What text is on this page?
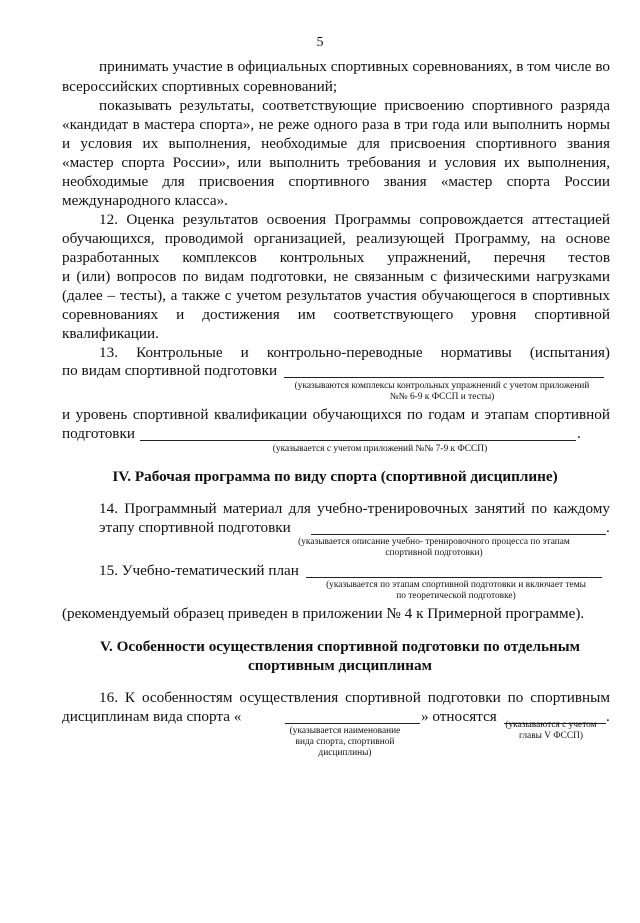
5

принимать участие в официальных спортивных соревнованиях, в том числе во

всероссийских спортивных соревнований;

показывать результаты, соответствующие присвоению спортивного разряда

«кандидат в мастера спорта», не реже одного раза в три года или выполнить нормы

и условия их выполнения, необходимые для присвоения спортивного звания

«мастер спорта России», или выполнить требования и условия их выполнения,

необходимые для присвоения спортивного звания «мастер спорта России

международного класса».

12. Оценка результатов освоения Программы сопровождается аттестацией

обучающихся, проводимой организацией, реализующей Программу, на основе

разработанных комплексов контрольных упражнений, перечня тестов

и (или) вопросов по видам подготовки, не связанным с физическими нагрузками

(далее – тесты), а также с учетом результатов участия обучающегося в спортивных

соревнованиях и достижения им соответствующего уровня спортивной

квалификации.

13. Контрольные и контрольно-переводные нормативы (испытания)

по видам спортивной подготовки

(указываются комплексы контрольных упражнений с учетом приложений

№№ 6-9 к ФССП и тесты)

и уровень спортивной квалификации обучающихся по годам и этапам спортивной

подготовки	.

(указывается с учетом приложений №№ 7-9 к ФССП)

IV. Рабочая программа по виду спорта (спортивной дисциплине)

14. Программный материал для учебно-тренировочных занятий по каждому

этапу спортивной подготовки	.

(указывается описание учебно- тренировочного процесса по этапам

спортивной подготовки)

15. Учебно-тематический план

(указывается по этапам спортивной подготовки и включает темы

по теоретической подготовке)

(рекомендуемый образец приведен в приложении № 4 к Примерной программе).

V. Особенности осуществления спортивной подготовки по отдельным

спортивным дисциплинам

16. К особенностям осуществления спортивной подготовки по спортивным

дисциплинам вида спорта «	» относятся	.

(указывается наименование

вида спорта, спортивной

дисциплины)

(указываются с учетом

главы V ФССП)
